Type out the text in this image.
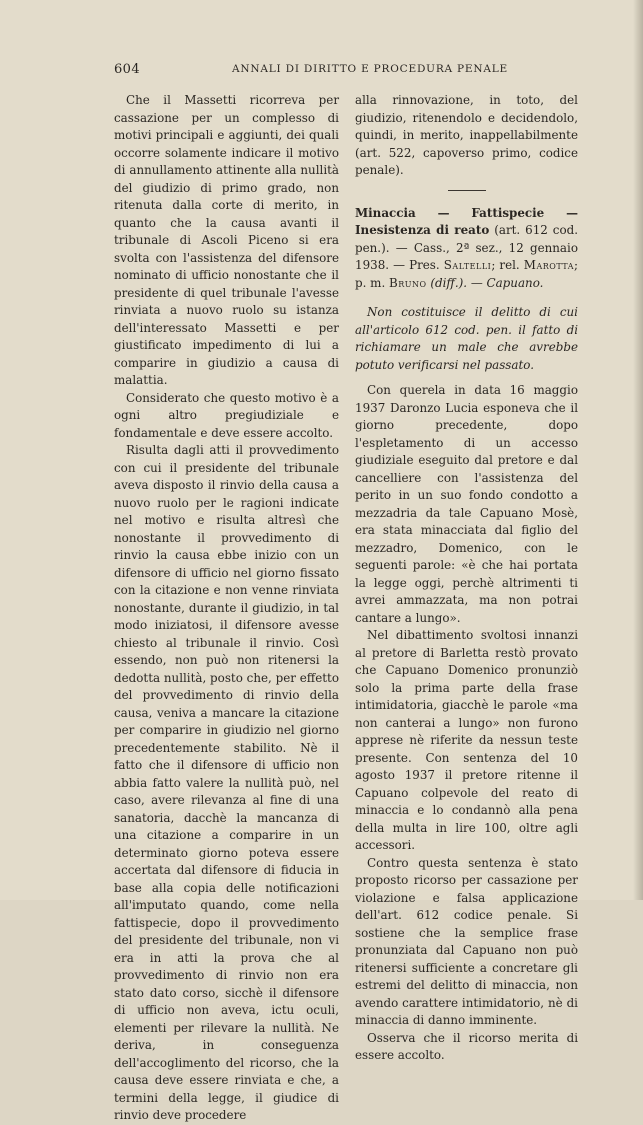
604	ANNALI DI DIRITTO E PROCEDURA PENALE

Che il Massetti ricorreva per cassazione per un complesso di motivi principali e aggiunti, dei quali occorre solamente indicare il motivo di annullamento attinente alla nullità del giudizio di primo grado, non ritenuta dalla corte di merito, in quanto che la causa avanti il tribunale di Ascoli Piceno si era svolta con l'assistenza del difensore nominato di ufficio nonostante che il presidente di quel tribunale l'avesse rinviata a nuovo ruolo su istanza dell'interessato Massetti e per giustificato impedimento di lui a comparire in giudizio a causa di malattia.

Considerato che questo motivo è a ogni altro pregiudiziale e fondamentale e deve essere accolto.

Risulta dagli atti il provvedimento con cui il presidente del tribunale aveva disposto il rinvio della causa a nuovo ruolo per le ragioni indicate nel motivo e risulta altresì che nonostante il provvedimento di rinvio la causa ebbe inizio con un difensore di ufficio nel giorno fissato con la citazione e non venne rinviata nonostante, durante il giudizio, in tal modo iniziatosi, il difensore avesse chiesto al tribunale il rinvio. Così essendo, non può non ritenersi la dedotta nullità, posto che, per effetto del provvedimento di rinvio della causa, veniva a mancare la citazione per comparire in giudizio nel giorno precedentemente stabilito. Nè il fatto che il difensore di ufficio non abbia fatto valere la nullità può, nel caso, avere rilevanza al fine di una sanatoria, dacchè la mancanza di una citazione a comparire in un determinato giorno poteva essere accertata dal difensore di fiducia in base alla copia delle notificazioni all'imputato quando, come nella fattispecie, dopo il provvedimento del presidente del tribunale, non vi era in atti la prova che al provvedimento di rinvio non era stato dato corso, sicchè il difensore di ufficio non aveva, ictu oculi, elementi per rilevare la nullità. Ne deriva, in conseguenza dell'accoglimento del ricorso, che la causa deve essere rinviata e che, a termini della legge, il giudice di rinvio deve procedere

alla rinnovazione, in toto, del giudizio, ritenendolo e decidendolo, quindi, in merito, inappellabilmente (art. 522, capoverso primo, codice penale).

Minaccia — Fattispecie — Inesistenza di reato (art. 612 cod. pen.). — Cass., 2ª sez., 12 gennaio 1938. — Pres. Saltelli; rel. Marotta; p. m. Bruno (diff.). — Capuano.

Non costituisce il delitto di cui all'articolo 612 cod. pen. il fatto di richiamare un male che avrebbe potuto verificarsi nel passato.

Con querela in data 16 maggio 1937 Daronzo Lucia esponeva che il giorno precedente, dopo l'espletamento di un accesso giudiziale eseguito dal pretore e dal cancelliere con l'assistenza del perito in un suo fondo condotto a mezzadria da tale Capuano Mosè, era stata minacciata dal figlio del mezzadro, Domenico, con le seguenti parole: «è che hai portata la legge oggi, perchè altrimenti ti avrei ammazzata, ma non potrai cantare a lungo».

Nel dibattimento svoltosi innanzi al pretore di Barletta restò provato che Capuano Domenico pronunziò solo la prima parte della frase intimidatoria, giacchè le parole «ma non canterai a lungo» non furono apprese nè riferite da nessun teste presente. Con sentenza del 10 agosto 1937 il pretore ritenne il Capuano colpevole del reato di minaccia e lo condannò alla pena della multa in lire 100, oltre agli accessori.

Contro questa sentenza è stato proposto ricorso per cassazione per violazione e falsa applicazione dell'art. 612 codice penale. Si sostiene che la semplice frase pronunziata dal Capuano non può ritenersi sufficiente a concretare gli estremi del delitto di minaccia, non avendo carattere intimidatorio, nè di minaccia di danno imminente.

Osserva che il ricorso merita di essere accolto.
